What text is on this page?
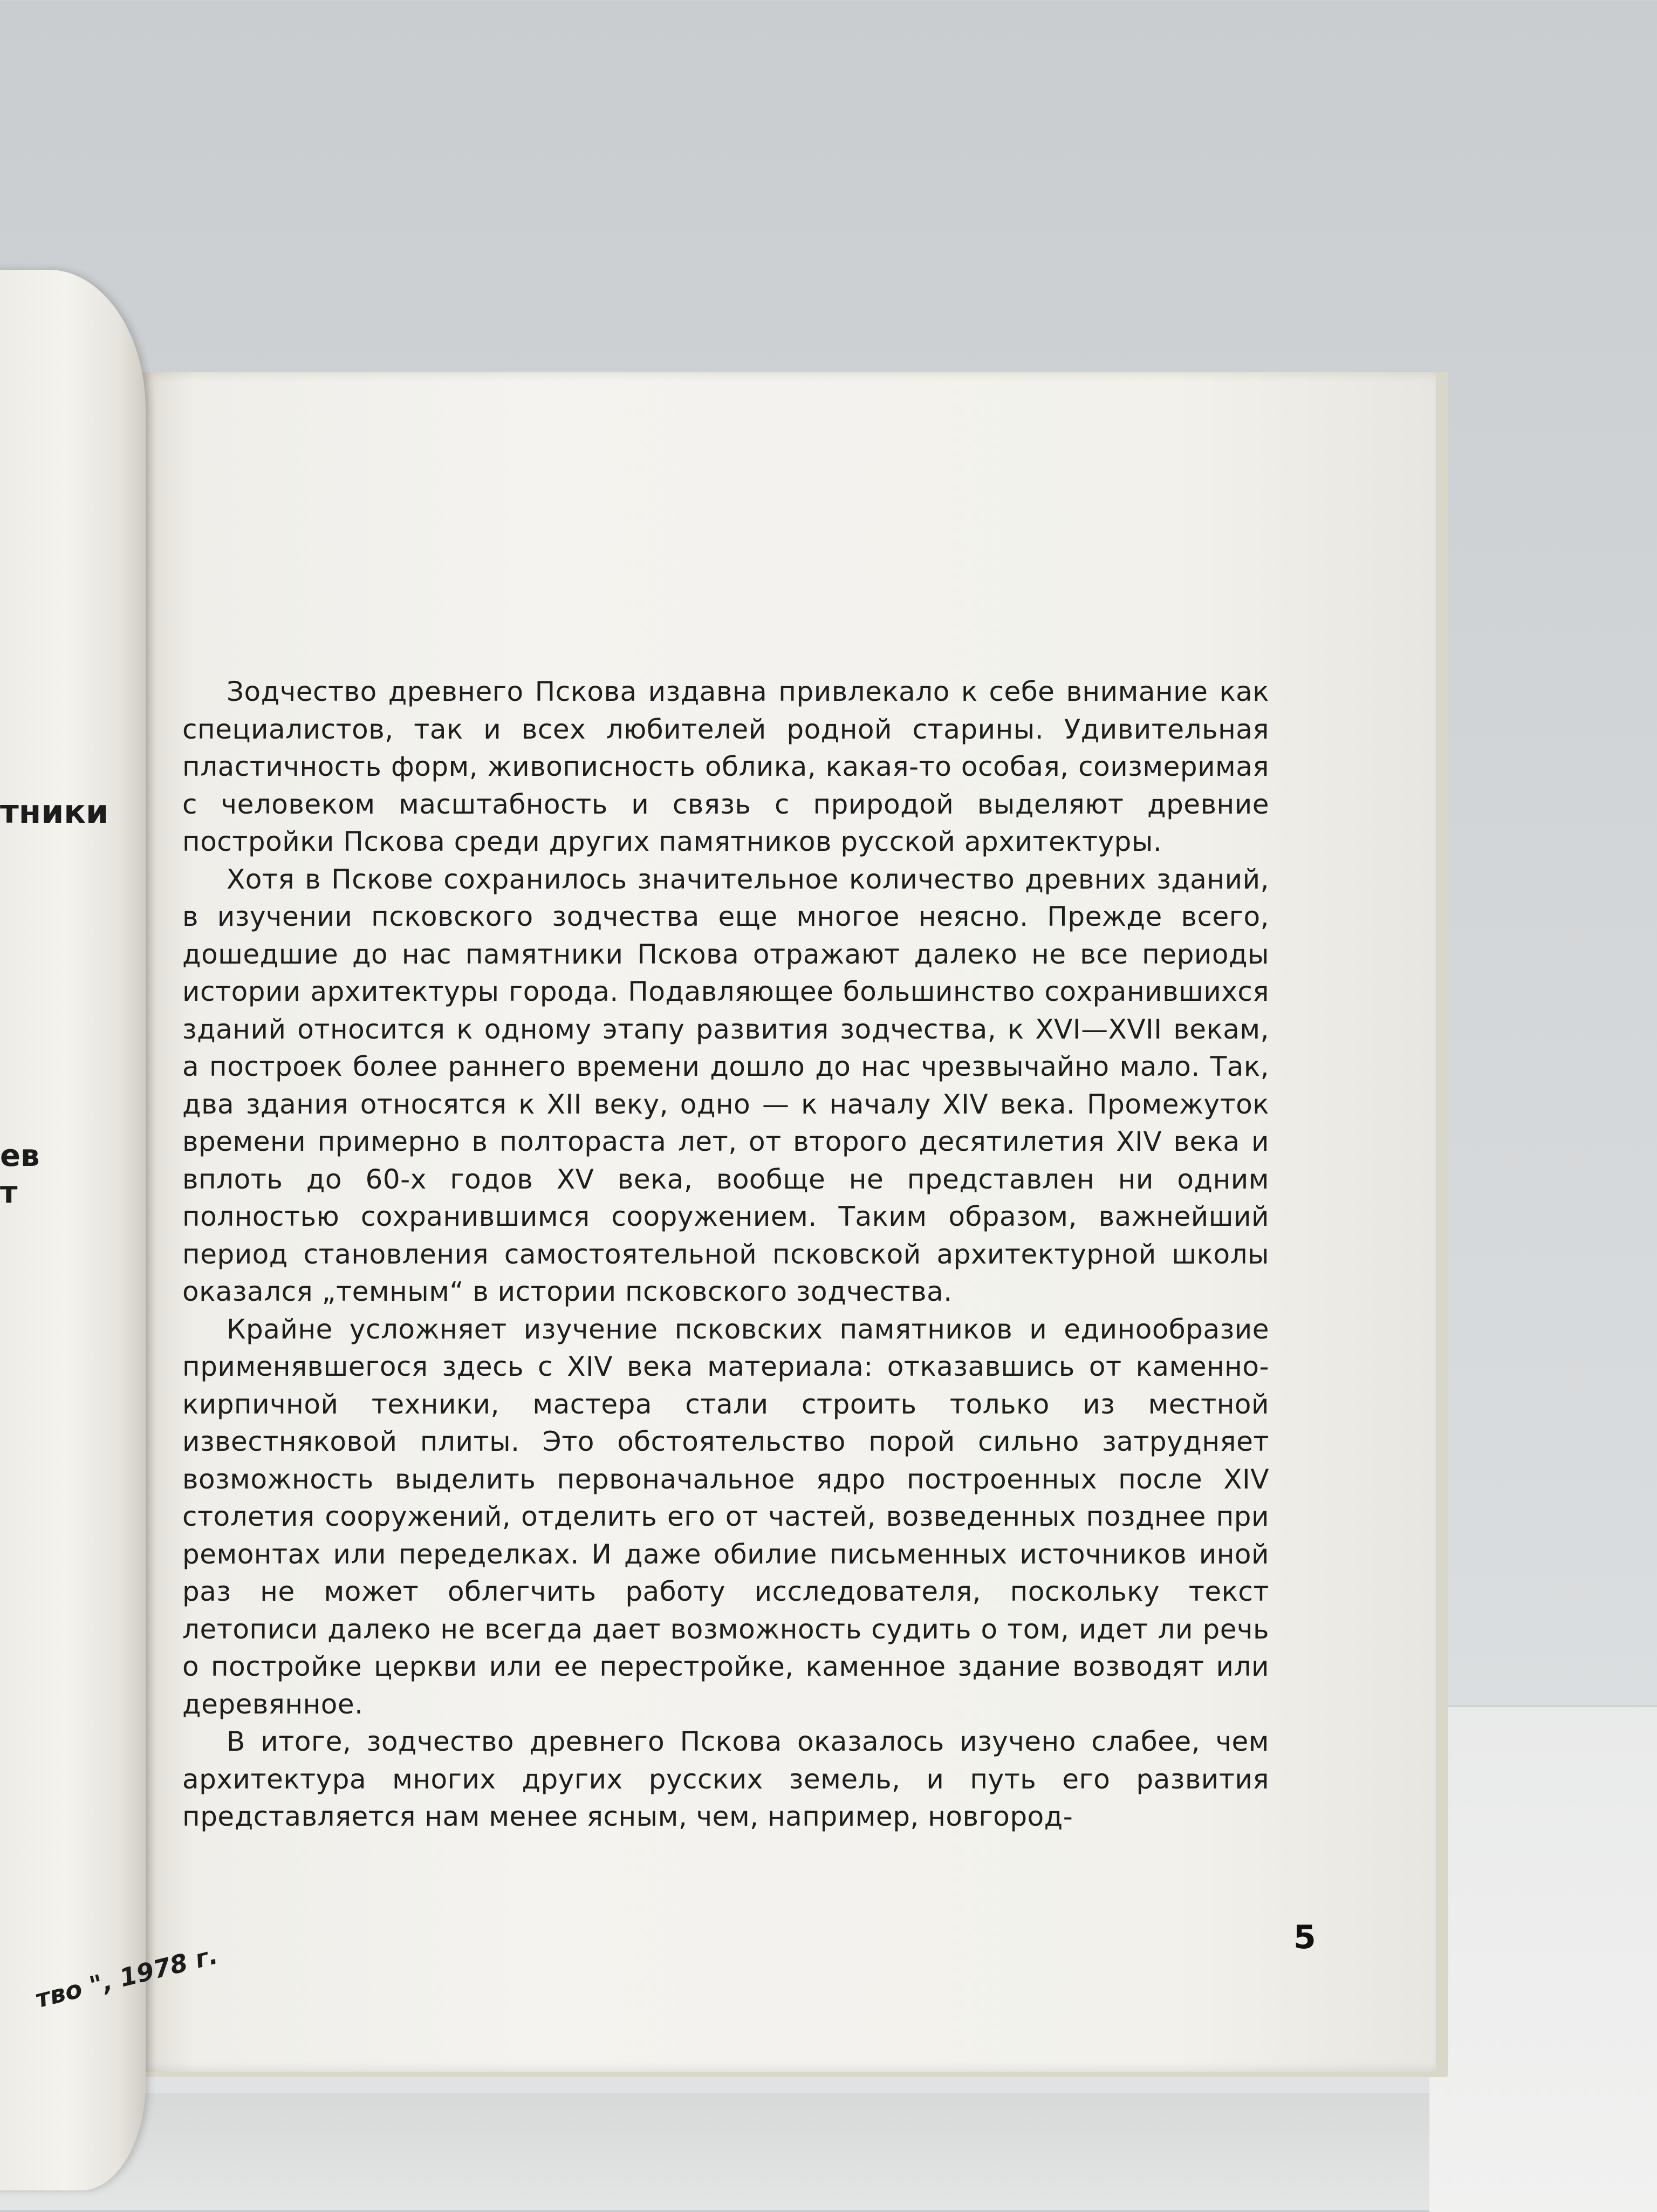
тники
ев
т
тво ", 1978 г.

Зодчество древнего Пскова издавна привлекало к себе внимание как специалистов, так и всех любителей родной старины. Удивительная пластичность форм, живописность облика, какая-то особая, соизмеримая с человеком масштабность и связь с природой выделяют древние постройки Пскова среди других памятников русской архитектуры.

Хотя в Пскове сохранилось значительное количество древних зданий, в изучении псковского зодчества еще многое неясно. Прежде всего, дошедшие до нас памятники Пскова отражают далеко не все периоды истории архитектуры города. Подавляющее большинство сохранившихся зданий относится к одному этапу развития зодчества, к XVI—XVII векам, а построек более раннего времени дошло до нас чрезвычайно мало. Так, два здания относятся к XII веку, одно — к началу XIV века. Промежуток времени примерно в полтораста лет, от второго десятилетия XIV века и вплоть до 60-х годов XV века, вообще не представлен ни одним полностью сохранившимся сооружением. Таким образом, важнейший период становления самостоятельной псковской архитектурной школы оказался „темным“ в истории псковского зодчества.

Крайне усложняет изучение псковских памятников и единообразие применявшегося здесь с XIV века материала: отказавшись от каменно-кирпичной техники, мастера стали строить только из местной известняковой плиты. Это обстоятельство порой сильно затрудняет возможность выделить первоначальное ядро построенных после XIV столетия сооружений, отделить его от частей, возведенных позднее при ремонтах или переделках. И даже обилие письменных источников иной раз не может облегчить работу исследователя, поскольку текст летописи далеко не всегда дает возможность судить о том, идет ли речь о постройке церкви или ее перестройке, каменное здание возводят или деревянное.

В итоге, зодчество древнего Пскова оказалось изучено слабее, чем архитектура многих других русских земель, и путь его развития представляется нам менее ясным, чем, например, новгород-

5
